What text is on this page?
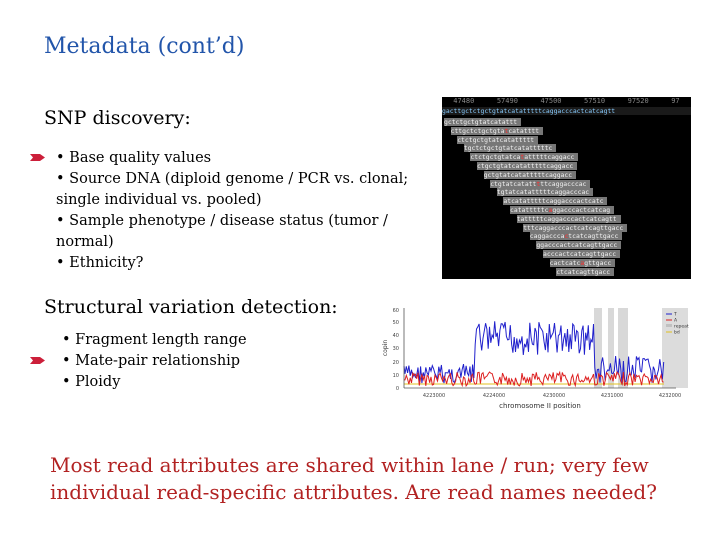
Metadata (cont’d)
SNP discovery:
• Base quality values
• Source DNA (diploid genome / PCR vs. clonal; single individual vs. pooled)
• Sample phenotype / disease status (tumor / normal)
• Ethnicity?
47480	57490	47500	57510	97520	97
gacttgctctgctgtatcatatttttcaggacccactcatcagtt
gctctgctgtatcatattt
cttgctctgctgtatcatatttt
ctctgctgtatcatattttt
tgctctgctgtatcatatttttc
ctctgctgtatcatatttttcaggacc
ctgctgtatcatatttttcaggacc
gctgtatcatatttttcaggacc
ctgtatcatatttttcaggacccac
tgtatcatatttttcaggacccac
atcatatttttcaggacccactcatc
catatttttcaggacccactcatcag
tatttttcaggacccactcatcagtt
tttcaggacccactcatcagttgacc
caggacccactcatcagttgacc
ggacccactcatcagttgacc
acccactcatcagttgacc
cactcatcagttgacc
ctcatcagttgacc
Structural variation detection:
• Fragment length range
• Mate-pair relationship
• Ploidy	0
10
20
30
40
50
60
4223000	4224000	4230000	4231000	4232000
chromosome II position
copin
T
A
repeat
bd
Most read attributes are shared within lane / run; very few individual read-specific attributes. Are read names needed?
